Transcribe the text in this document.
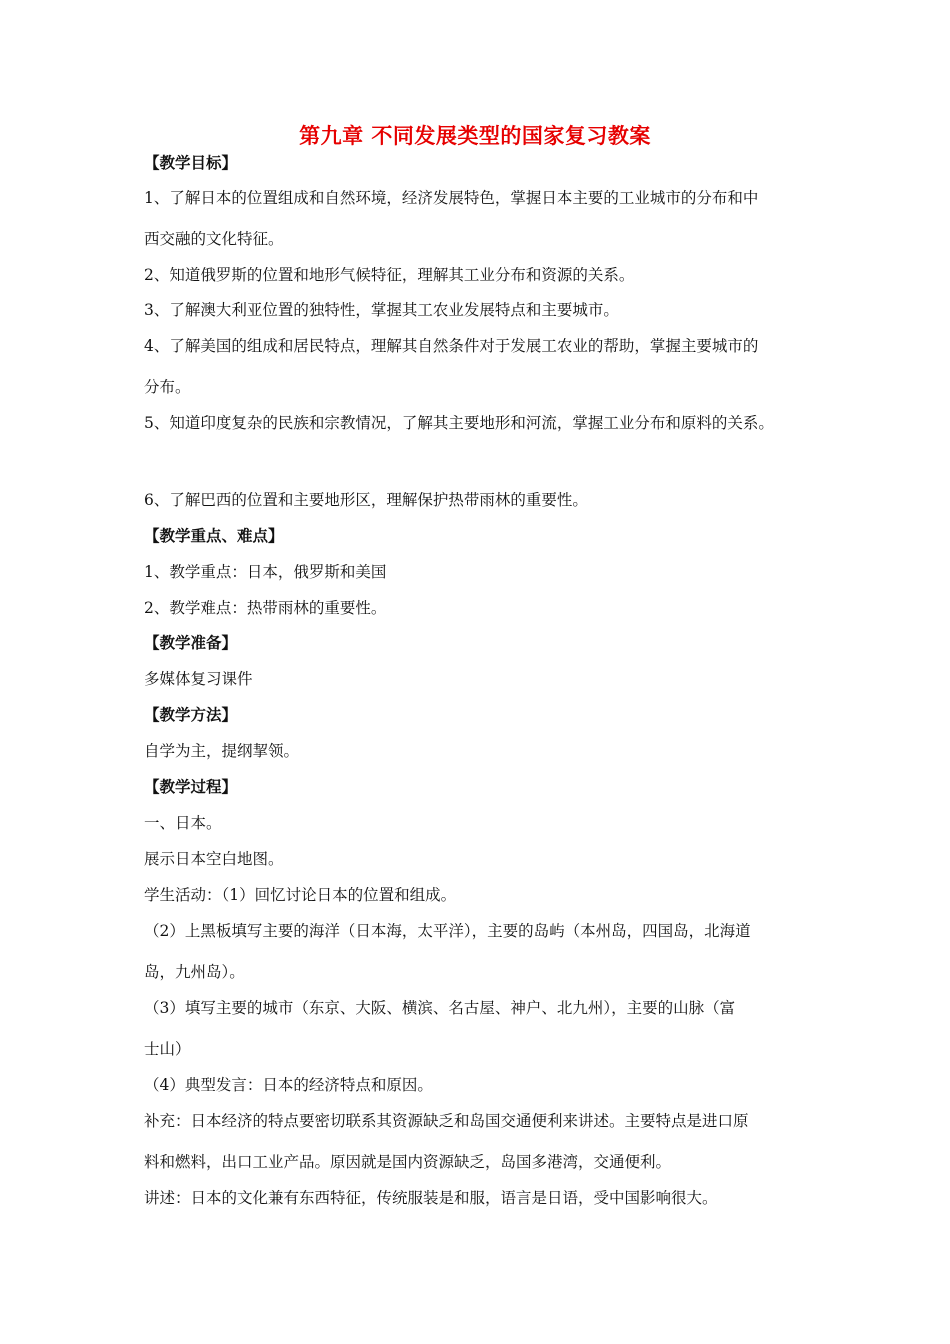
第九章 不同发展类型的国家复习教案
【教学目标】
1、了解日本的位置组成和自然环境，经济发展特色，掌握日本主要的工业城市的分布和中
西交融的文化特征。
2、知道俄罗斯的位置和地形气候特征，理解其工业分布和资源的关系。
3、了解澳大利亚位置的独特性，掌握其工农业发展特点和主要城市。
4、了解美国的组成和居民特点，理解其自然条件对于发展工农业的帮助，掌握主要城市的
分布。
5、知道印度复杂的民族和宗教情况，了解其主要地形和河流，掌握工业分布和原料的关系。
6、了解巴西的位置和主要地形区，理解保护热带雨林的重要性。
【教学重点、难点】
1、教学重点：日本，俄罗斯和美国
2、教学难点：热带雨林的重要性。
【教学准备】
多媒体复习课件
【教学方法】
自学为主，提纲挈领。
【教学过程】
一、日本。
展示日本空白地图。
学生活动：（1）回忆讨论日本的位置和组成。
（2）上黑板填写主要的海洋（日本海，太平洋），主要的岛屿（本州岛，四国岛，北海道
岛，九州岛）。
（3）填写主要的城市（东京、大阪、横滨、名古屋、神户、北九州），主要的山脉（富
士山）
（4）典型发言：日本的经济特点和原因。
补充：日本经济的特点要密切联系其资源缺乏和岛国交通便利来讲述。主要特点是进口原
料和燃料，出口工业产品。原因就是国内资源缺乏，岛国多港湾，交通便利。
讲述：日本的文化兼有东西特征，传统服装是和服，语言是日语，受中国影响很大。
